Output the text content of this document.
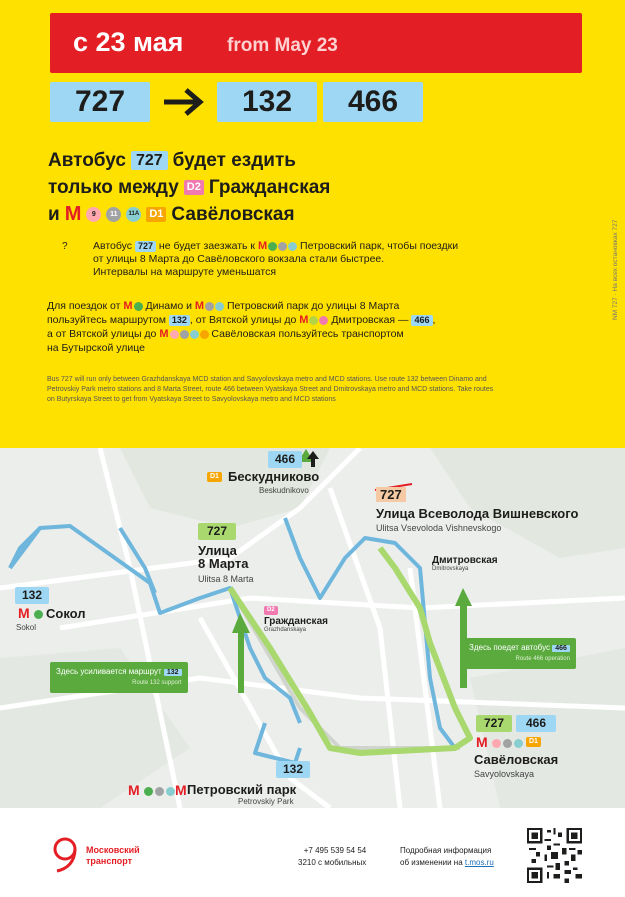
с 23 мая from May 23
727	132	466
Автобус 727 будет ездить
только между D2 Гражданская
и М	9	11	11А D1 Савёловская
? Автобус 727 не будет заезжать к М	Петровский парк, чтобы поездки
от улицы 8 Марта до Савёловского вокзала стали быстрее.
Интервалы на маршруте уменьшатся
Для поездок от М Динамо и М Петровский парк до улицы 8 Марта
пользуйтесь маршрутом 132 , от Вятской улицы до М Дмитровская — 466 ,
а от Вятской улицы до М	Савёловская пользуйтесь транспортом
на Бутырской улице
Bus 727 will run only between Grazhdanskaya MCD station and Savyolovskaya metro and MCD stations. Use route 132 between Dinamo and Petrovskiy Park metro stations and 8 Marta Street, route 466 between Vyatskaya Street and Dmitrovskaya metro and MCD stations. Take routes on Butyrskaya Street to get from Vyatskaya Street to Savyolovskaya metro and MCD stations
NM 727 · На всех остановках 727
466
D1 Бескудниково
Beskudnikovo	727
Улица Всеволода Вишневского
Ulitsa Vsevoloda Vishnevskogo
727
Улица
8 Марта
Ulitsa 8 Marta
132
М Сокол
Sokol
D2
Гражданская
Grazhdanskaya
Дмитровская
Dmitrovskaya
Здесь поедет автобус 466
Route 466 operation
Здесь усиливается маршрут 132
Route 132 support
727	466
М	D1
Савёловская
Savyolovskaya
132
М	М Петровский парк
Petrovskiy Park
Московский
транспорт
+7 495 539 54 54
3210 с мобильных
Подробная информация
об изменении на t.mos.ru
